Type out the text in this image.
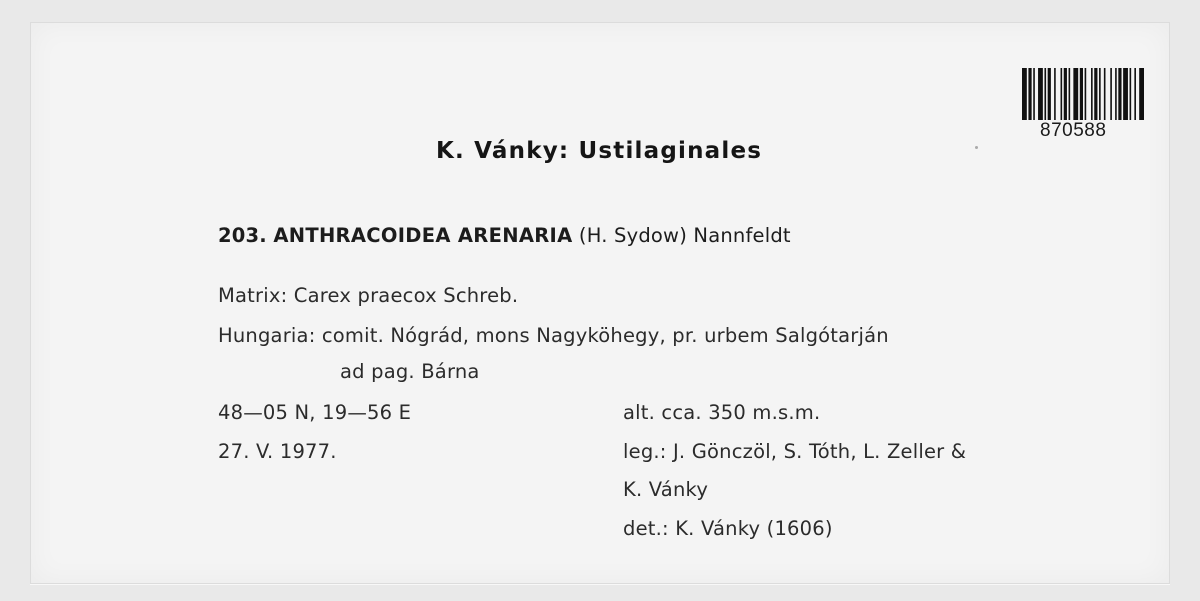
870588
K. Vánky: Ustilaginales
203. ANTHRACOIDEA ARENARIA (H. Sydow) Nannfeldt
Matrix: Carex praecox Schreb.
Hungaria: comit. Nógrád, mons Nagyköhegy, pr. urbem Salgótarján
ad pag. Bárna
48—05 N, 19—56 E
27. V. 1977.
alt. cca. 350 m.s.m.
leg.: J. Gönczöl, S. Tóth, L. Zeller &
K. Vánky
det.: K. Vánky (1606)
